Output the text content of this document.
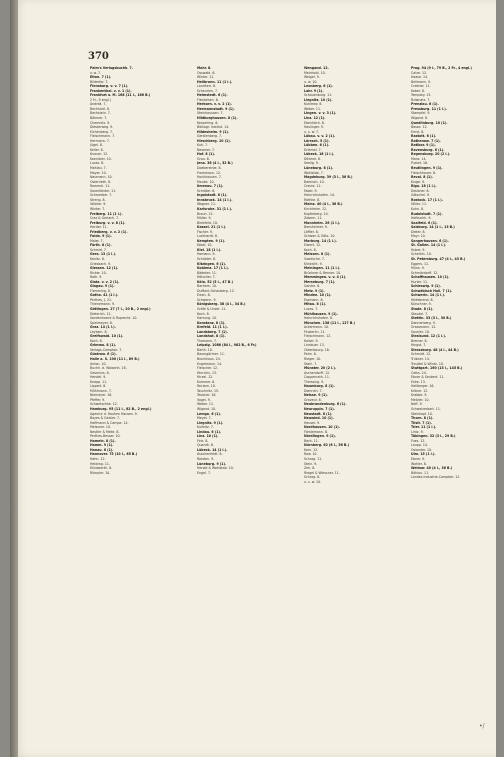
370
Palm's Verlagsbuchh. 7.
v. w. 7.
Elton. 7 (1).
Bilderfor. 7.
Flensburg. v. v. 7 (1).
Frankenthal. v. v. 1 (1).
Frankfurt a. M. 168 (11 l., 166 B.)
2 Fr., 9 engl.)
Andreä. 7.
Bechhold. 8.
Bechstein. 7.
Böhmer. 7.
Chemnitz. 9.
Diesterweg. 9.
Eichenberg. 7.
Fleischmann. 7.
Hermann. 7.
Jügel. 8.
Keller. 8.
Knauer. 12.
Koenitzer. 10.
Lucas. 8.
Mahlau. 7.
Mayer. 10.
Naumann. 10.
Osterrieth. 8.
Rommel. 11.
Sauerländer. 11.
Schmerber. 7.
Streng. 8.
Völcker. 9.
Winter. 7.
Freiberg. 11 (1 l.).
Craz & Gerlach. 7.
Freiburg. v. v. 8 (1).
Herder. 11.
Friedberg. v. v. 2 (1).
Fulda. 9 (1).
Maier. 7.
Fürth. 8 (1).
Schmid. 7.
Gera. 13 (1 l.).
Kanitz. 8.
Griesbach. 9.
Giessen. 12 (1).
Ricker. 10.
Roth. 9.
Glatz. v. v. 2 (1).
Glogau. 9 (1).
Flemming. 8.
Gotha. 41 (1 l.).
Perthes, J. 21.
Thienemann. 9.
Göttingen. 27 (7 l., 20 B., 2 engl.)
Dieterich. 12.
Vandenhoeck & Ruprecht. 10.
Spielmeyer. 8.
Graz. 14 (1 l.).
Leykam. 8.
Greifswald. 10 (1).
Koch. 8.
Grimma. 8 (1).
Verlags-Comptoir. 7.
Güstrow. 6 (1).
Halle a. S. 100 (11 l., 89 B.)
Anton. 10.
Buchh. d. Waisenh. 18.
Gesenius. 8.
Hendel. 9.
Knapp. 11.
Lippert. 8.
Mühlmann. 7.
Niemeyer. 16.
Pfeffer. 9.
Schwetschke. 12.
Hamburg. 95 (11 l., 82 B., 2 engl.)
Agentur d. Rauhen Hauses. 9.
Boyes & Geisler. 7.
Hoffmann & Campe. 14.
Meissner. 10.
Nestler & Melle. 8.
Perthes-Besser. 10.
Hameln. 8 (1).
Hamm. 9 (1).
Hanau. 8 (1).
Hannover. 75 (10 l., 65 B.)
Hahn. 12.
Helwing. 11.
Klindworth. 8.
Rümpler. 10.
Mohr. 8.
Osswald. 6.
Winter. 11.
Heilbronn. 11 (1 l.).
Landherr. 8.
Scheurlen. 7.
Helmstedt. 6 (1).
Fleckeisen. 6.
Herborn. v. v. 2 (1).
Hermannstadt. 9 (1).
Steinhaussen. 7.
Hildburghausen. 8 (1).
Kesselring. 6.
Bibliogr. Institut. 14.
Hildesheim. 9 (1).
Gerstenberg. 7.
Hirschberg. 10 (1).
Kuh. 7.
Nesener. 7.
Hof. 8 (1).
Grau. 6.
Jena. 36 (4 l., 32 B.)
Doebereiner. 8.
Frommann. 12.
Hochhausen. 7.
Mauke. 10.
Ilmenau. 7 (1).
Schröter. 6.
Ingolstadt. 6 (1).
Innsbruck. 14 (1 l.).
Wagner. 11.
Karlsruhe. 31 (1 l.).
Braun. 12.
Müller. 9.
Bielefeld. 10.
Kassel. 21 (1 l.).
Fischer. 9.
Luckhardt. 8.
Kempten. 9 (1).
Kösel. 10.
Kiel. 18 (1 l.).
Homann. 9.
Schröder. 8.
Kitzingen. 6 (1).
Koblenz. 17 (1 l.).
Bädeker. 11.
Hölscher. 7.
Köln. 52 (5 l., 47 B.)
Bachem. 10.
DuMont-Schauberg. 12.
Eisen. 8.
Schwann. 9.
Königsberg. 38 (4 l., 34 B.)
Gräfe & Unzer. 11.
Koch. 8.
Hartung. 10.
Konstanz. 8 (1).
Krefeld. 11 (1 l.).
Landsberg. 7 (1).
Landshut. 8 (1).
Thomann. 7.
Leipzig. 1086 (84 l., 982 B., 6 Fr.)
Barth. 10.
Baumgärtner. 11.
Brockhaus. 24.
Engelmann. 14.
Fleischer. 12.
Hinrichs. 13.
Hirzel. 12.
Kummer. 8.
Reclam. 10.
Tauchnitz. 15.
Teubner. 16.
Vogel. 9.
Weber. 11.
Wigand. 10.
Lemgo. 6 (1).
Meyer. 7.
Liegnitz. 9 (1).
Kulmitz. 7.
Lindau. 6 (1).
Linz. 10 (1).
Fink. 8.
Quandt. 6.
Lübeck. 14 (1 l.).
Asschenfeldt. 8.
Rohden. 9.
Lüneburg. 9 (1).
Herold & Wahlstab. 10.
Engel. 7.
Wengand. 12.
Meinhold. 10.
Weigel. 9.
u. w. 10.
Leonberg. 6 (1).
Lahr. 9 (1).
Schauenburg. 11.
Liegnitz. 10 (1).
Kuhlmey. 8.
Weber. 11.
Lingen. v. v. 3 (1).
Linz. 12 (1).
Ebenhöch. 8.
Haslinger. 9.
u. s. w. 7.
Löbau. v. v. 2 (1).
Lörrach. 5 (1).
Lübben. 6 (1).
Driemel. 7.
Lübeck. 16 (1 l.).
Dittmer. 8.
Seelig. 9.
Lüneburg. 8 (1).
Wahlstab. 7.
Magdeburg. 39 (3 l., 36 B.)
Baensch. 10.
Creutz. 11.
Faber. 9.
Heinrichshofen. 14.
Rathke. 8.
Mainz. 40 (4 l., 36 B.)
Kirchheim. 12.
Kupferberg. 10.
Zabern. 11.
Mannheim. 26 (1 l.).
Bensheimer. 9.
Löffler. 8.
Schwan & Götz. 10.
Marburg. 14 (1 l.).
Elwert. 12.
Koch. 8.
Meissen. 8 (1).
Goedsche. 7.
Klinkicht. 9.
Meiningen. 11 (1 l.).
Brückner & Renner. 10.
Memmingen. v. v. 4 (1).
Merseburg. 7 (1).
Garcke. 6.
Metz. 9 (1).
Minden. 10 (1).
Essmann. 8.
Mitau. 8 (1).
Lucas. 7.
Mühlhausen. 9 (1).
Heinrichshofen. 8.
München. 138 (11 l., 127 B.)
Ackermann. 10.
Finsterlin. 11.
Fleischmann. 12.
Kaiser. 9.
Lindauer. 13.
Oldenbourg. 16.
Palm. 8.
Rieger. 10.
Stahl. 7.
Münster. 20 (2 l.).
Aschendorff. 12.
Coppenrath. 11.
Theissing. 9.
Naumburg. 8 (1).
Domrich. 7.
Neisse. 9 (1).
Graveur. 8.
Neubrandenburg. 6 (1).
Neuruppin. 7 (1).
Neustadt. 8 (1).
Neuwied. 10 (1).
Heuser. 9.
Nordhausen. 10 (1).
Förstemann. 8.
Nördlingen. 9 (1).
Beck. 11.
Nürnberg. 62 (6 l., 56 B.)
Korn. 12.
Raw. 10.
Schrag. 11.
Stein. 9.
Zeh. 8.
Riegel & Wiessner. 11.
Schrag. 8.
u. s. w. 10.
Prag. 94 (9 l., 79 B., 2 Fr., 4 engl.)
Calve. 12.
Haase. 14.
Bellmann. 9.
Credner. 11.
Kober. 8.
Tempsky. 13.
Rziwnatz. 7.
Prenzlau. 6 (1).
Pressburg. 11 (1 l.).
Stampfel. 9.
Wigand. 8.
Quedlinburg. 10 (1).
Basse. 12.
Ernst. 8.
Rastatt. 6 (1).
Rathenow. 7 (1).
Ratibor. 9 (1).
Ravensburg. 6 (1).
Regensburg. 20 (2 l.).
Manz. 14.
Pustet. 16.
Reutlingen. 9 (1).
Fleischhauer. 8.
Reval. 8 (1).
Kluge. 9.
Riga. 18 (1 l.).
Deubner. 8.
Götschel. 9.
Rostock. 17 (1 l.).
Stiller. 11.
Kuhn. 8.
Rudolstadt. 7 (1).
Hofbuchh. 9.
Saalfeld. 6 (1).
Salzburg. 14 (1 l., 13 B.)
Dieter. 8.
Mayr. 10.
Sangerhausen. 6 (1).
St. Gallen. 14 (1 l.).
Huber. 9.
Scheitlin. 10.
St. Petersburg. 47 (4 l., 43 B.)
Eggers. 11.
Münx. 9.
Schmitzdorff. 12.
Schaffhausen. 10 (1).
Hurter. 11.
Schleswig. 9 (1).
Schwäbisch Hall. 7 (1).
Schwerin. 14 (1 l.).
Hildebrand. 8.
Kürschner. 9.
Stade. 8 (1).
Steudel. 7.
Stettin. 33 (3 l., 30 B.)
Dannenberg. 9.
Grassmann. 12.
Saunier. 10.
Stralsund. 12 (1 l.).
Bremer. 8.
Hingst. 7.
Strassburg. 48 (4 l., 44 B.)
Schmidt. 12.
Trübner. 14.
Treuttel & Würtz. 10.
Stuttgart. 160 (15 l., 145 B.)
Cotta. 24.
Ebner & Seubert. 11.
Enke. 13.
Hallberger. 16.
Kröner. 12.
Krabbe. 9.
Metzler. 10.
Neff. 9.
Schweizerbart. 11.
Steinkopf. 10.
Thorn. 8 (1).
Tilsit. 7 (1).
Trier. 11 (1 l.).
Lintz. 9.
Tübingen. 32 (3 l., 29 B.)
Fues. 12.
Laupp. 14.
Osiander. 10.
Ulm. 15 (1 l.).
Ebner. 9.
Wohler. 8.
Weimar. 40 (4 l., 36 B.)
Böhlau. 11.
Landes-Industrie-Comptoir. 12.
•/
